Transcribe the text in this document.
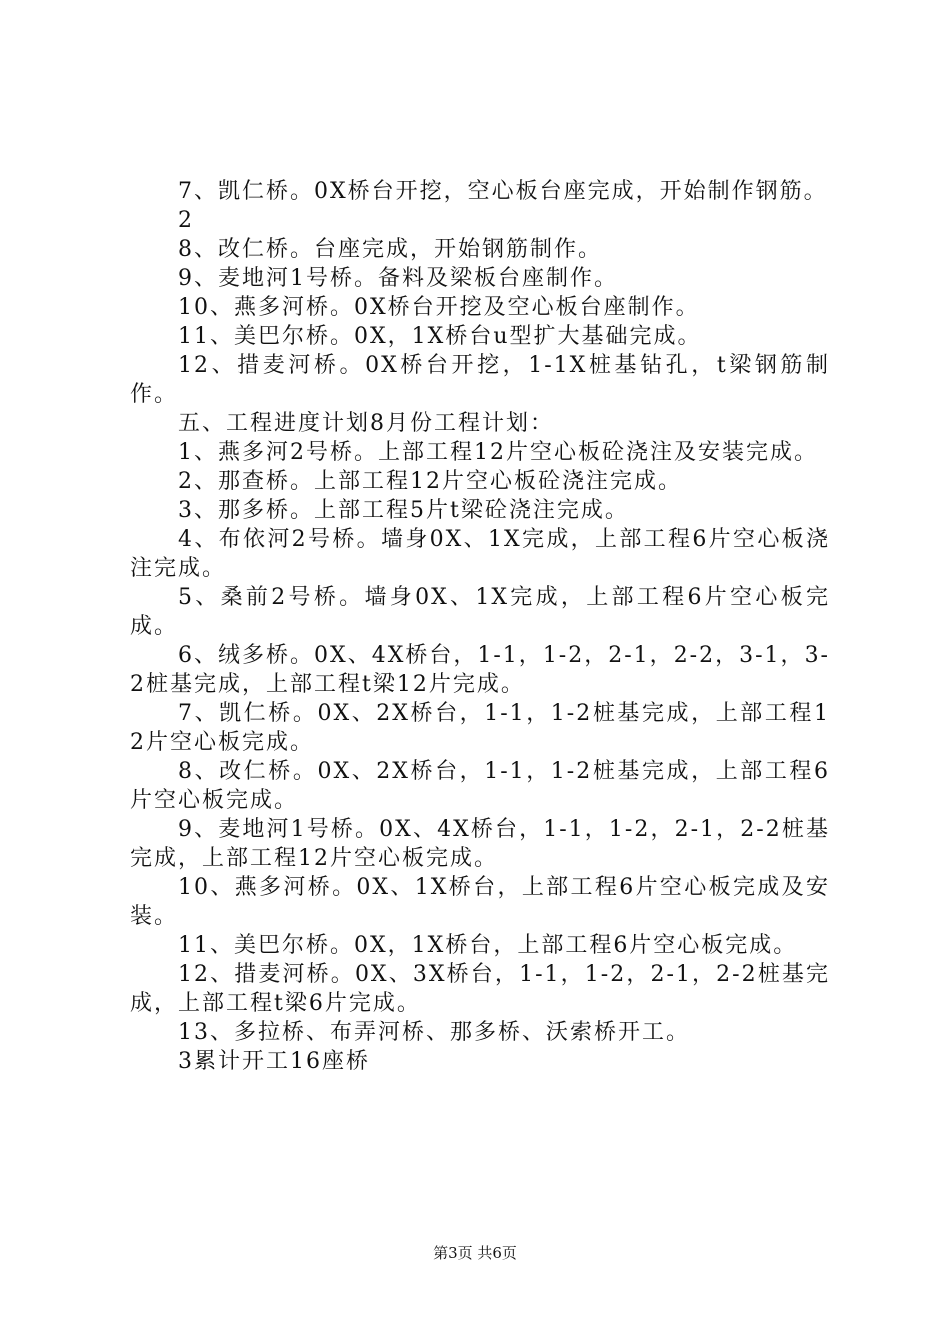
7、凯仁桥。0X桥台开挖，空心板台座完成，开始制作钢筋。

2

8、改仁桥。台座完成，开始钢筋制作。

9、麦地河1号桥。备料及梁板台座制作。

10、燕多河桥。0X桥台开挖及空心板台座制作。

11、美巴尔桥。0X，1X桥台u型扩大基础完成。

12、措麦河桥。0X桥台开挖，1-1X桩基钻孔，t梁钢筋制作。

五、工程进度计划8月份工程计划：

1、燕多河2号桥。上部工程12片空心板砼浇注及安装完成。

2、那查桥。上部工程12片空心板砼浇注完成。

3、那多桥。上部工程5片t梁砼浇注完成。

4、布依河2号桥。墙身0X、1X完成，上部工程6片空心板浇注完成。

5、桑前2号桥。墙身0X、1X完成，上部工程6片空心板完成。

6、绒多桥。0X、4X桥台，1-1，1-2，2-1，2-2，3-1，3-2桩基完成，上部工程t梁12片完成。

7、凯仁桥。0X、2X桥台，1-1，1-2桩基完成，上部工程12片空心板完成。

8、改仁桥。0X、2X桥台，1-1，1-2桩基完成，上部工程6片空心板完成。

9、麦地河1号桥。0X、4X桥台，1-1，1-2，2-1，2-2桩基完成，上部工程12片空心板完成。

10、燕多河桥。0X、1X桥台，上部工程6片空心板完成及安装。

11、美巴尔桥。0X，1X桥台，上部工程6片空心板完成。

12、措麦河桥。0X、3X桥台，1-1，1-2，2-1，2-2桩基完成，上部工程t梁6片完成。

13、多拉桥、布弄河桥、那多桥、沃索桥开工。

3累计开工16座桥

第3页 共6页
